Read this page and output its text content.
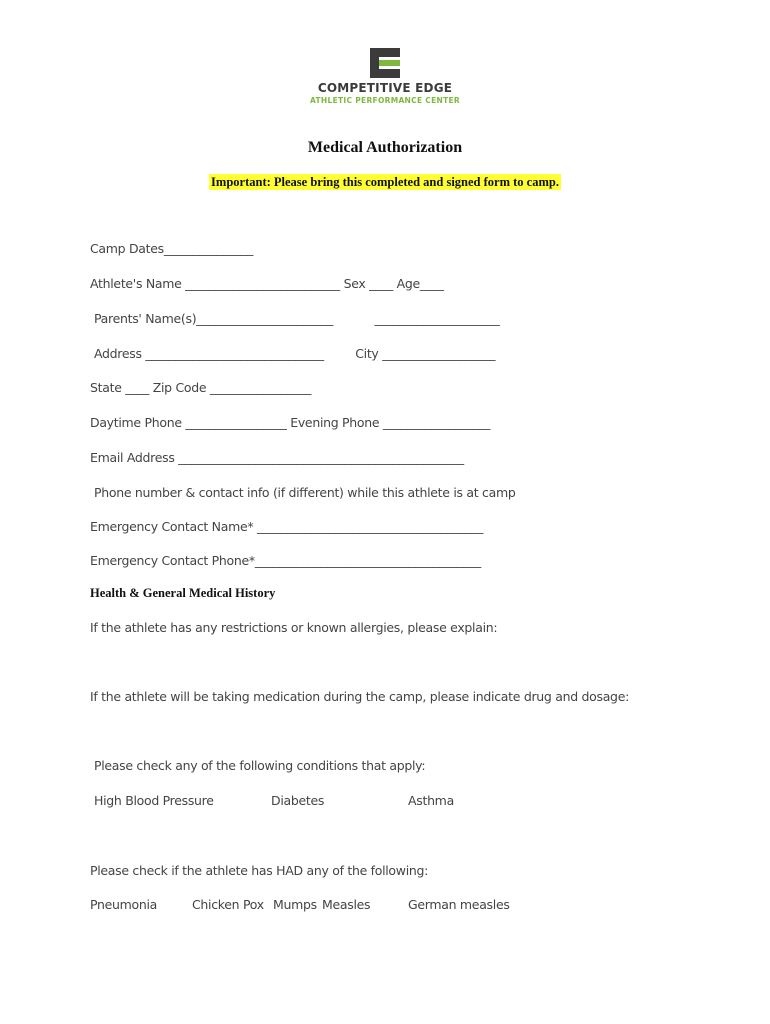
COMPETITIVE EDGE
ATHLETIC PERFORMANCE CENTER
Medical Authorization
Important: Please bring this completed and signed form to camp.
Camp Dates_______________
Athlete's Name __________________________ Sex ____ Age____
Parents' Name(s)_______________________	_____________________
Address ______________________________	City ___________________
State ____ Zip Code _________________
Daytime Phone _________________ Evening Phone __________________
Email Address ________________________________________________
Phone number & contact info (if different) while this athlete is at camp
Emergency Contact Name* ______________________________________
Emergency Contact Phone*______________________________________
Health & General Medical History
If the athlete has any restrictions or known allergies, please explain:
If the athlete will be taking medication during the camp, please indicate drug and dosage:
Please check any of the following conditions that apply:
High Blood Pressure	Diabetes	Asthma
Please check if the athlete has HAD any of the following:
Pneumonia	Chicken Pox Mumps Measles	German measles
